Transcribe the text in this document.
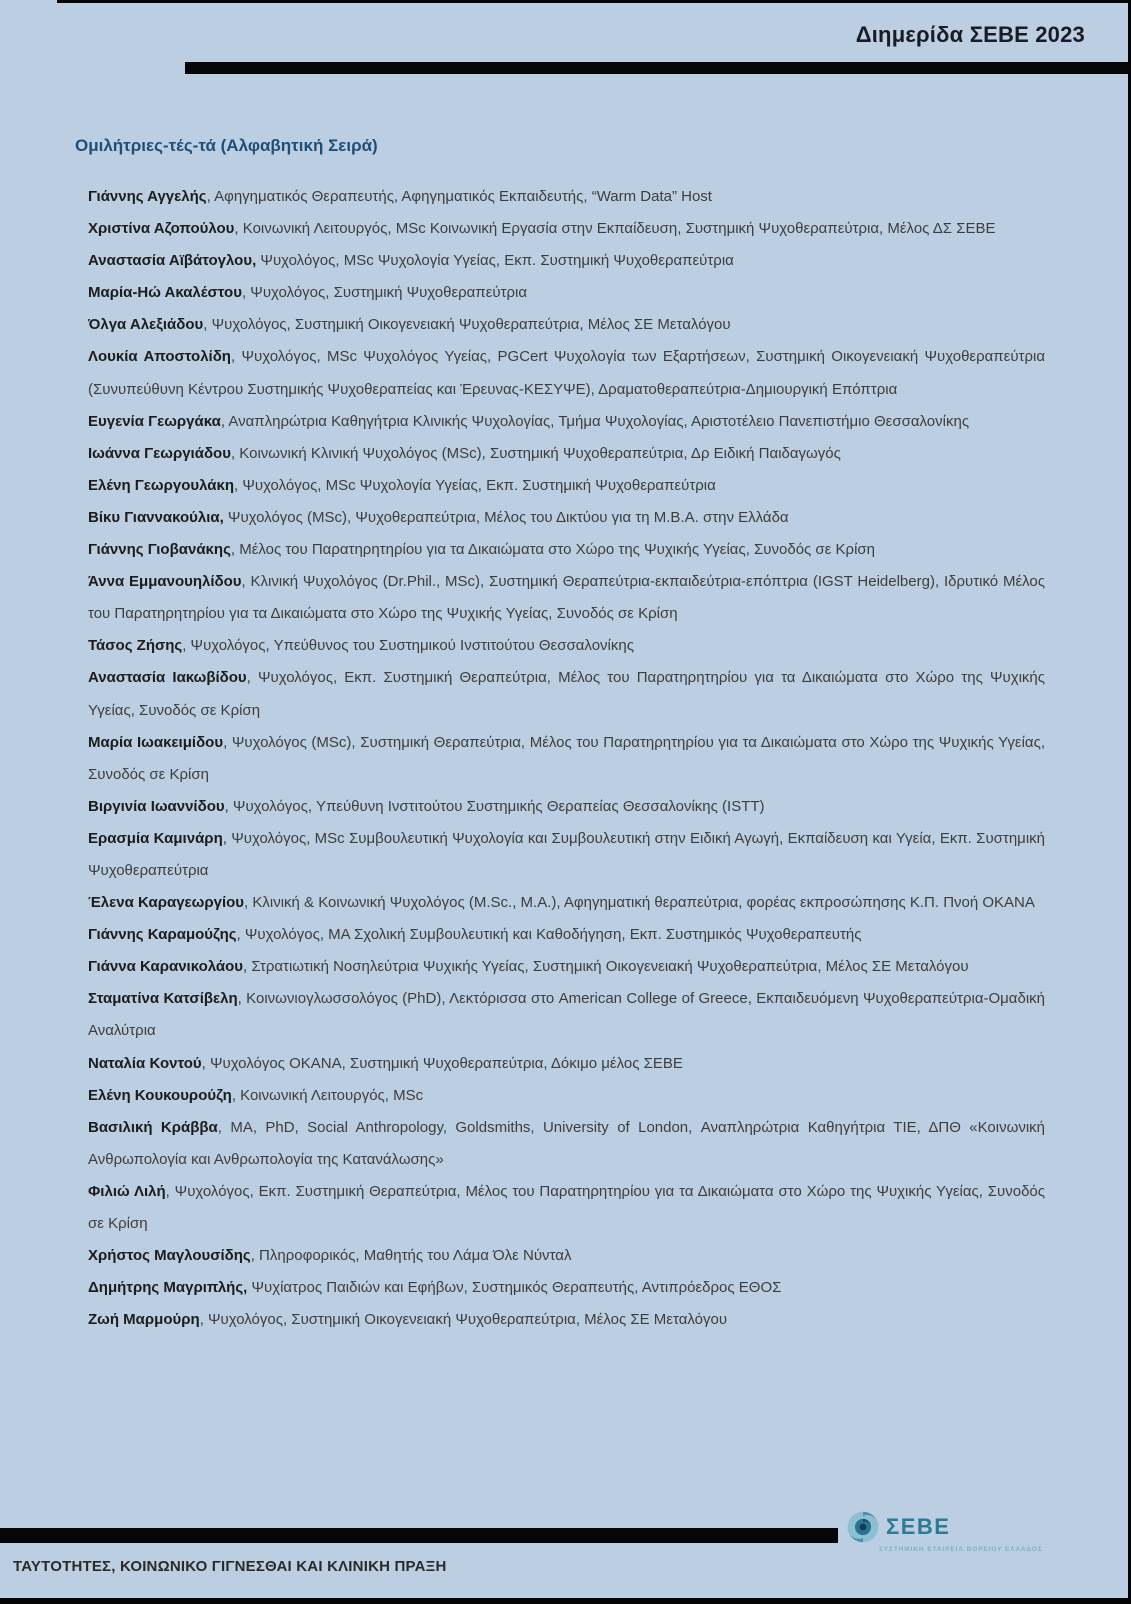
Διημερίδα ΣΕΒΕ 2023
Ομιλήτριες-τές-τά (Αλφαβητική Σειρά)

Γιάννης Αγγελής, Αφηγηματικός Θεραπευτής, Αφηγηματικός Εκπαιδευτής, “Warm Data” Host

Χριστίνα Αζοπούλου, Κοινωνική Λειτουργός, MSc Κοινωνική Εργασία στην Εκπαίδευση, Συστημική Ψυχοθεραπεύτρια, Μέλος ΔΣ ΣΕΒΕ

Αναστασία Αϊβάτογλου, Ψυχολόγος, MSc Ψυχολογία Υγείας, Εκπ. Συστημική Ψυχοθεραπεύτρια

Μαρία-Ηώ Ακαλέστου, Ψυχολόγος, Συστημική Ψυχοθεραπεύτρια

Όλγα Αλεξιάδου, Ψυχολόγος, Συστημική Οικογενειακή Ψυχοθεραπεύτρια, Μέλος ΣΕ Μεταλόγου

Λουκία Αποστολίδη, Ψυχολόγος, MSc Ψυχολόγος Υγείας, PGCert Ψυχολογία των Εξαρτήσεων, Συστημική Οικογενειακή Ψυχοθεραπεύτρια (Συνυπεύθυνη Κέντρου Συστημικής Ψυχοθεραπείας και Έρευνας-ΚΕΣΥΨΕ), Δραματοθεραπεύτρια-Δημιουργική Επόπτρια

Ευγενία Γεωργάκα, Αναπληρώτρια Καθηγήτρια Κλινικής Ψυχολογίας, Τμήμα Ψυχολογίας, Αριστοτέλειο Πανεπιστήμιο Θεσσαλονίκης

Ιωάννα Γεωργιάδου, Κοινωνική Κλινική Ψυχολόγος (MSc), Συστημική Ψυχοθεραπεύτρια, Δρ Ειδική Παιδαγωγός

Ελένη Γεωργουλάκη, Ψυχολόγος, MSc Ψυχολογία Υγείας, Εκπ. Συστημική Ψυχοθεραπεύτρια

Βίκυ Γιαννακούλια, Ψυχολόγος (MSc), Ψυχοθεραπεύτρια, Μέλος του Δικτύου για τη Μ.Β.Α. στην Ελλάδα

Γιάννης Γιοβανάκης, Μέλος του Παρατηρητηρίου για τα Δικαιώματα στο Χώρο της Ψυχικής Υγείας, Συνοδός σε Κρίση

Άννα Εμμανουηλίδου, Κλινική Ψυχολόγος (Dr.Phil., MSc), Συστημική Θεραπεύτρια-εκπαιδεύτρια-επόπτρια (IGST Heidelberg), Ιδρυτικό Μέλος του Παρατηρητηρίου για τα Δικαιώματα στο Χώρο της Ψυχικής Υγείας, Συνοδός σε Κρίση

Τάσος Ζήσης, Ψυχολόγος, Υπεύθυνος του Συστημικού Ινστιτούτου Θεσσαλονίκης

Αναστασία Ιακωβίδου, Ψυχολόγος, Εκπ. Συστημική Θεραπεύτρια, Μέλος του Παρατηρητηρίου για τα Δικαιώματα στο Χώρο της Ψυχικής Υγείας, Συνοδός σε Κρίση

Μαρία Ιωακειμίδου, Ψυχολόγος (MSc), Συστημική Θεραπεύτρια, Μέλος του Παρατηρητηρίου για τα Δικαιώματα στο Χώρο της Ψυχικής Υγείας, Συνοδός σε Κρίση

Βιργινία Ιωαννίδου, Ψυχολόγος, Υπεύθυνη Ινστιτούτου Συστημικής Θεραπείας Θεσσαλονίκης (ISTT)

Ερασμία Καμινάρη, Ψυχολόγος, MSc Συμβουλευτική Ψυχολογία και Συμβουλευτική στην Ειδική Αγωγή, Εκπαίδευση και Υγεία, Εκπ. Συστημική Ψυχοθεραπεύτρια

Έλενα Καραγεωργίου, Κλινική & Κοινωνική Ψυχολόγος (M.Sc., M.A.), Αφηγηματική θεραπεύτρια, φορέας εκπροσώπησης Κ.Π. Πνοή ΟΚΑΝΑ

Γιάννης Καραμούζης, Ψυχολόγος, MA Σχολική Συμβουλευτική και Καθοδήγηση, Εκπ. Συστημικός Ψυχοθεραπευτής

Γιάννα Καρανικολάου, Στρατιωτική Νοσηλεύτρια Ψυχικής Υγείας, Συστημική Οικογενειακή Ψυχοθεραπεύτρια, Μέλος ΣΕ Μεταλόγου

Σταματίνα Κατσίβελη, Κοινωνιογλωσσολόγος (PhD), Λεκτόρισσα στο American College of Greece, Εκπαιδευόμενη Ψυχοθεραπεύτρια-Ομαδική Αναλύτρια

Ναταλία Κοντού, Ψυχολόγος ΟΚΑΝΑ, Συστημική Ψυχοθεραπεύτρια, Δόκιμο μέλος ΣΕΒΕ

Ελένη Κουκουρούζη, Κοινωνική Λειτουργός, MSc

Βασιλική Κράββα, MA, PhD, Social Anthropology, Goldsmiths, University of London, Αναπληρώτρια Καθηγήτρια ΤΙΕ, ΔΠΘ «Κοινωνική Ανθρωπολογία και Ανθρωπολογία της Κατανάλωσης»

Φιλιώ Λιλή, Ψυχολόγος, Εκπ. Συστημική Θεραπεύτρια, Μέλος του Παρατηρητηρίου για τα Δικαιώματα στο Χώρο της Ψυχικής Υγείας, Συνοδός σε Κρίση

Χρήστος Μαγλουσίδης, Πληροφορικός, Μαθητής του Λάμα Όλε Νύνταλ

Δημήτρης Μαγριπλής, Ψυχίατρος Παιδιών και Εφήβων, Συστημικός Θεραπευτής, Αντιπρόεδρος ΕΘΟΣ

Ζωή Μαρμούρη, Ψυχολόγος, Συστημική Οικογενειακή Ψυχοθεραπεύτρια, Μέλος ΣΕ Μεταλόγου

ΣΕΒΕ
ΣΥΣΤΗΜΙΚΗ ΕΤΑΙΡΕΙΑ ΒΟΡΕΙΟΥ ΕΛΛΑΔΟΣ
ΤΑΥΤΟΤΗΤΕΣ, ΚΟΙΝΩΝΙΚΟ ΓΙΓΝΕΣΘΑΙ ΚΑΙ ΚΛΙΝΙΚΗ ΠΡΑΞΗ
